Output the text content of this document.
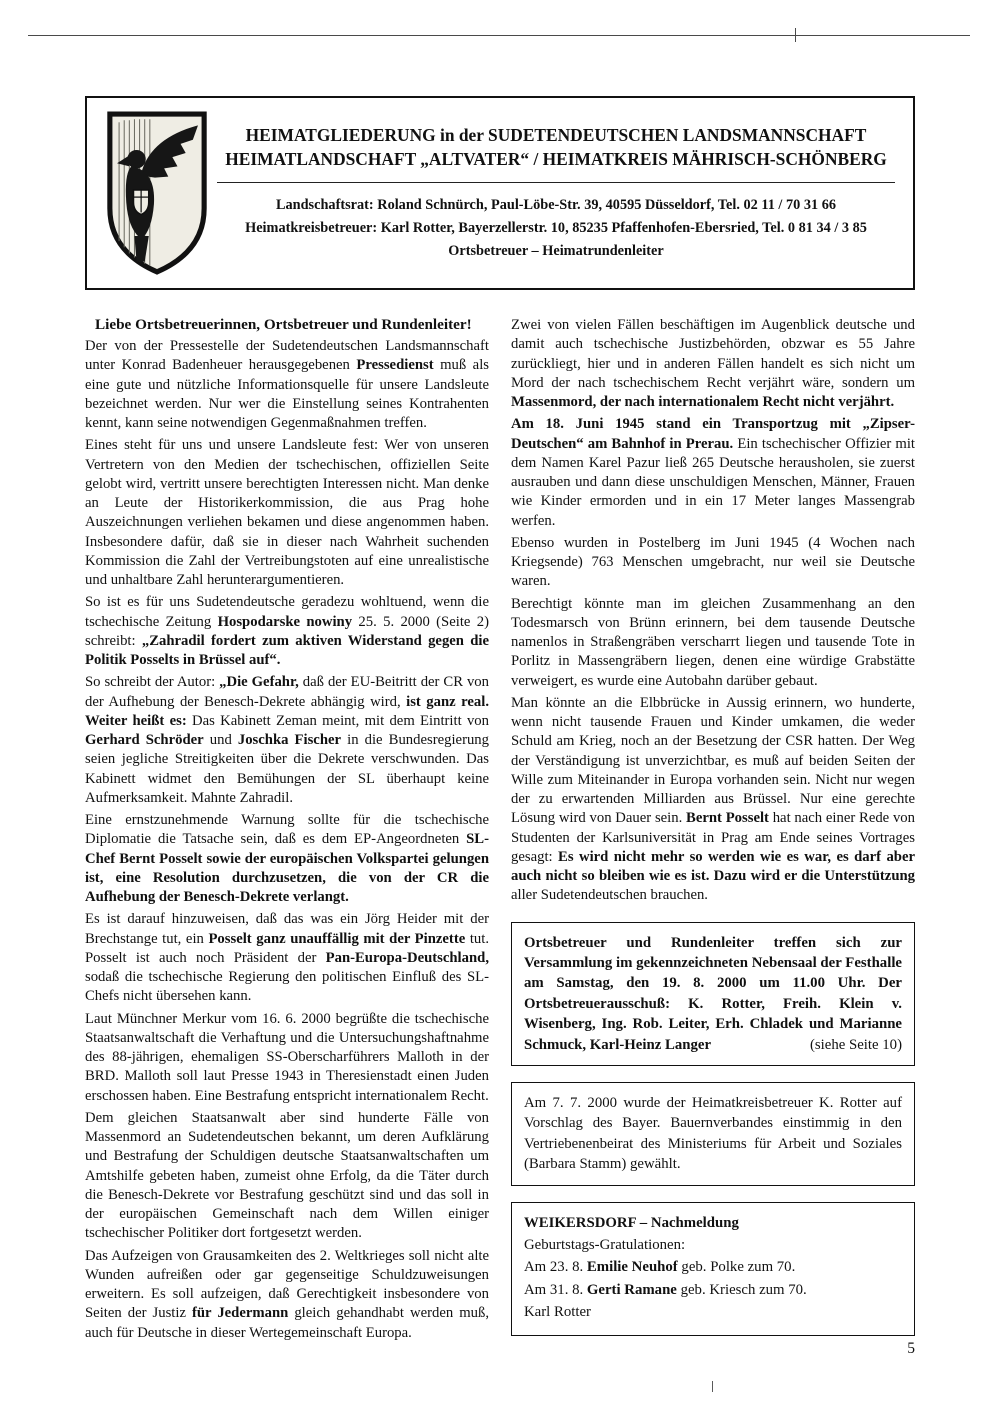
HEIMATGLIEDERUNG in der SUDETENDEUTSCHEN LANDSMANNSCHAFT

HEIMATLANDSCHAFT „ALTVATER“ / HEIMATKREIS MÄHRISCH-SCHÖNBERG

Landschaftsrat: Roland Schnürch, Paul-Löbe-Str. 39, 40595 Düsseldorf, Tel. 02 11 / 70 31 66

Heimatkreisbetreuer: Karl Rotter, Bayerzellerstr. 10, 85235 Pfaffenhofen-Ebersried, Tel. 0 81 34 / 3 85

Ortsbetreuer – Heimatrundenleiter

Liebe Ortsbetreuerinnen, Ortsbetreuer und Rundenleiter!

Der von der Pressestelle der Sudetendeutschen Landsmannschaft unter Konrad Badenheuer herausgegebenen Pressedienst muß als eine gute und nützliche Informationsquelle für unsere Landsleute bezeichnet werden. Nur wer die Einstellung seines Kontrahenten kennt, kann seine notwendigen Gegenmaßnahmen treffen.

Eines steht für uns und unsere Landsleute fest: Wer von unseren Vertretern von den Medien der tschechischen, offiziellen Seite gelobt wird, vertritt unsere berechtigten Interessen nicht. Man denke an Leute der Historikerkommission, die aus Prag hohe Auszeichnungen verliehen bekamen und diese angenommen haben. Insbesondere dafür, daß sie in dieser nach Wahrheit suchenden Kommission die Zahl der Vertreibungstoten auf eine unrealistische und unhaltbare Zahl herunterargumentieren.

So ist es für uns Sudetendeutsche geradezu wohltuend, wenn die tschechische Zeitung Hospodarske nowiny 25. 5. 2000 (Seite 2) schreibt: „Zahradil fordert zum aktiven Widerstand gegen die Politik Posselts in Brüssel auf“.

So schreibt der Autor: „Die Gefahr, daß der EU-Beitritt der CR von der Aufhebung der Benesch-Dekrete abhängig wird, ist ganz real. Weiter heißt es: Das Kabinett Zeman meint, mit dem Eintritt von Gerhard Schröder und Joschka Fischer in die Bundesregierung seien jegliche Streitigkeiten über die Dekrete verschwunden. Das Kabinett widmet den Bemühungen der SL überhaupt keine Aufmerksamkeit. Mahnte Zahradil.

Eine ernstzunehmende Warnung sollte für die tschechische Diplomatie die Tatsache sein, daß es dem EP-Angeordneten SL-Chef Bernt Posselt sowie der europäischen Volkspartei gelungen ist, eine Resolution durchzusetzen, die von der CR die Aufhebung der Benesch-Dekrete verlangt.

Es ist darauf hinzuweisen, daß das was ein Jörg Heider mit der Brechstange tut, ein Posselt ganz unauffällig mit der Pinzette tut. Posselt ist auch noch Präsident der Pan-Europa-Deutschland, sodaß die tschechische Regierung den politischen Einfluß des SL-Chefs nicht übersehen kann.

Laut Münchner Merkur vom 16. 6. 2000 begrüßte die tschechische Staatsanwaltschaft die Verhaftung und die Untersuchungshaftnahme des 88-jährigen, ehemaligen SS-Oberscharführers Malloth in der BRD. Malloth soll laut Presse 1943 in Theresienstadt einen Juden erschossen haben. Eine Bestrafung entspricht internationalem Recht.

Dem gleichen Staatsanwalt aber sind hunderte Fälle von Massenmord an Sudetendeutschen bekannt, um deren Aufklärung und Bestrafung der Schuldigen deutsche Staatsanwaltschaften um Amtshilfe gebeten haben, zumeist ohne Erfolg, da die Täter durch die Benesch-Dekrete vor Bestrafung geschützt sind und das soll in der europäischen Gemeinschaft nach dem Willen einiger tschechischer Politiker dort fortgesetzt werden.

Das Aufzeigen von Grausamkeiten des 2. Weltkrieges soll nicht alte Wunden aufreißen oder gar gegenseitige Schuldzuweisungen erweitern. Es soll aufzeigen, daß Gerechtigkeit insbesondere von Seiten der Justiz für Jedermann gleich gehandhabt werden muß, auch für Deutsche in dieser Wertegemeinschaft Europa.

Zwei von vielen Fällen beschäftigen im Augenblick deutsche und damit auch tschechische Justizbehörden, obzwar es 55 Jahre zurückliegt, hier und in anderen Fällen handelt es sich nicht um Mord der nach tschechischem Recht verjährt wäre, sondern um Massenmord, der nach internationalem Recht nicht verjährt.

Am 18. Juni 1945 stand ein Transportzug mit „Zipser-Deutschen“ am Bahnhof in Prerau. Ein tschechischer Offizier mit dem Namen Karel Pazur ließ 265 Deutsche herausholen, sie zuerst ausrauben und dann diese unschuldigen Menschen, Männer, Frauen wie Kinder ermorden und in ein 17 Meter langes Massengrab werfen.

Ebenso wurden in Postelberg im Juni 1945 (4 Wochen nach Kriegsende) 763 Menschen umgebracht, nur weil sie Deutsche waren.

Berechtigt könnte man im gleichen Zusammenhang an den Todesmarsch von Brünn erinnern, bei dem tausende Deutsche namenlos in Straßengräben verscharrt liegen und tausende Tote in Porlitz in Massengräbern liegen, denen eine würdige Grabstätte verweigert, es wurde eine Autobahn darüber gebaut.

Man könnte an die Elbbrücke in Aussig erinnern, wo hunderte, wenn nicht tausende Frauen und Kinder umkamen, die weder Schuld am Krieg, noch an der Besetzung der CSR hatten. Der Weg der Verständigung ist unverzichtbar, es muß auf beiden Seiten der Wille zum Miteinander in Europa vorhanden sein. Nicht nur wegen der zu erwartenden Milliarden aus Brüssel. Nur eine gerechte Lösung wird von Dauer sein. Bernt Posselt hat nach einer Rede von Studenten der Karlsuniversität in Prag am Ende seines Vortrages gesagt: Es wird nicht mehr so werden wie es war, es darf aber auch nicht so bleiben wie es ist. Dazu wird er die Unterstützung aller Sudetendeutschen brauchen.

Ortsbetreuer und Rundenleiter treffen sich zur Versammlung im gekennzeichneten Nebensaal der Festhalle am Samstag, den 19. 8. 2000 um 11.00 Uhr. Der Ortsbetreuerausschuß: K. Rotter, Freih. Klein v. Wisenberg, Ing. Rob. Leiter, Erh. Chladek und Marianne Schmuck, Karl-Heinz Langer	(siehe Seite 10)

Am 7. 7. 2000 wurde der Heimatkreisbetreuer K. Rotter auf Vorschlag des Bayer. Bauernverbandes einstimmig in den Vertriebenenbeirat des Ministeriums für Arbeit und Soziales (Barbara Stamm) gewählt.

WEIKERSDORF – Nachmeldung

Geburtstags-Gratulationen:

Am 23. 8. Emilie Neuhof geb. Polke zum 70.

Am 31. 8. Gerti Ramane geb. Kriesch zum 70.

Karl Rotter

5
